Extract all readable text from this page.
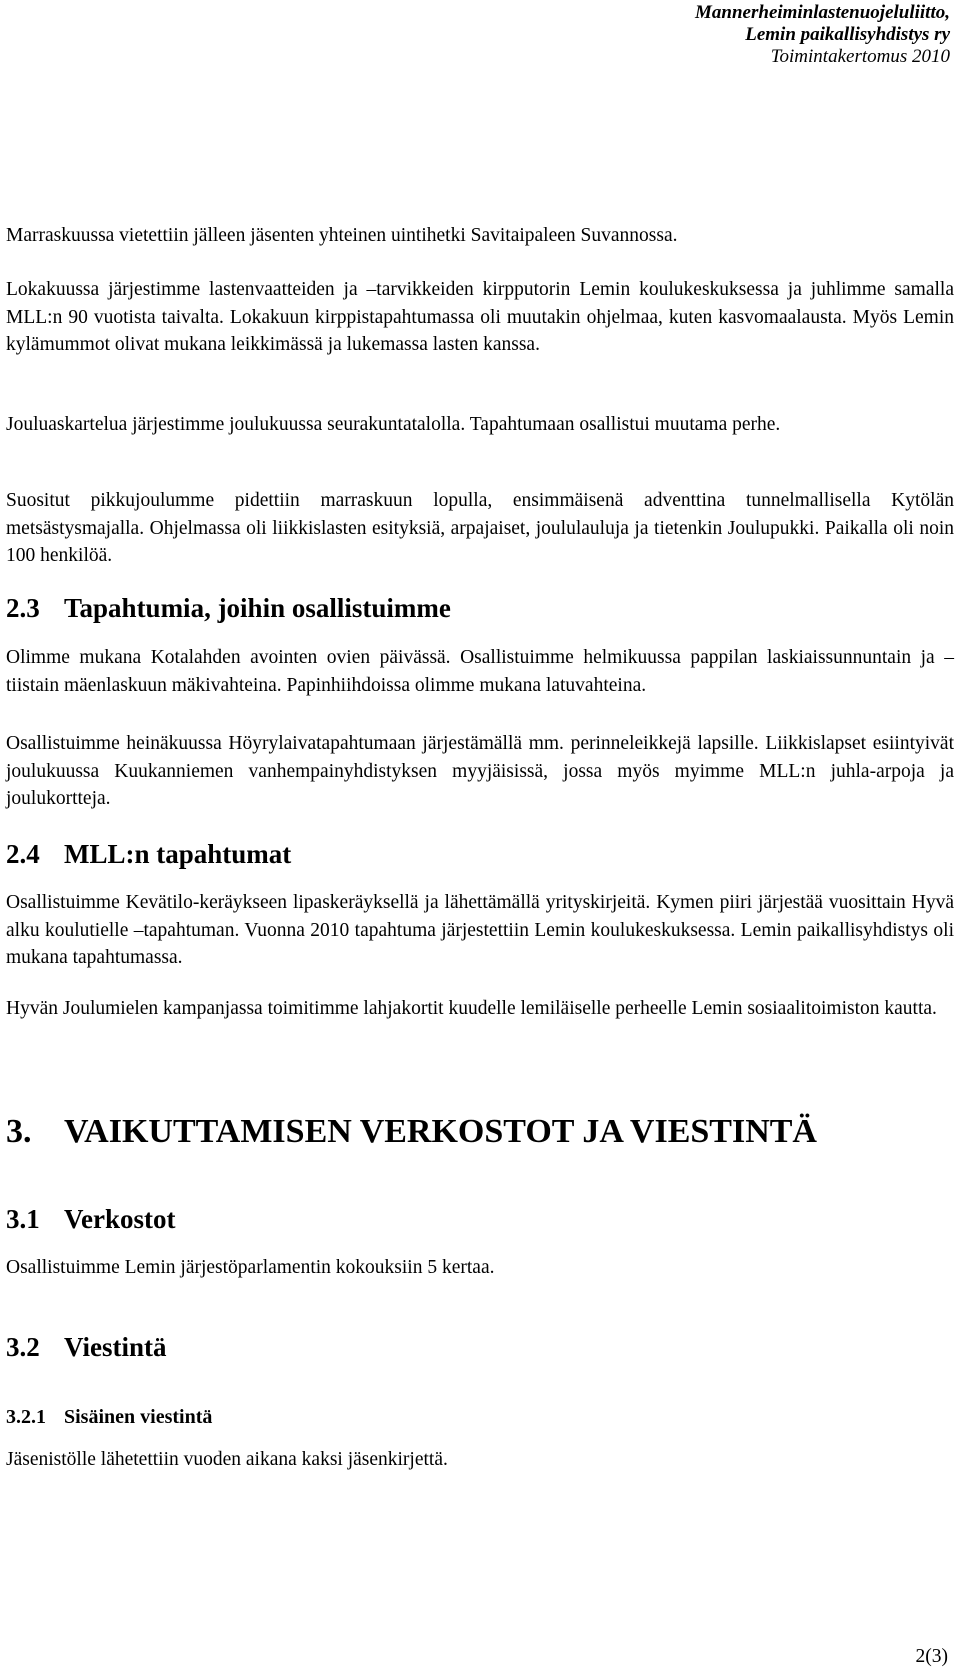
Mannerheiminlastenuojeluliitto,
Lemin paikallisyhdistys ry
Toimintakertomus 2010

Marraskuussa vietettiin jälleen jäsenten yhteinen uintihetki Savitaipaleen Suvannossa.

Lokakuussa järjestimme lastenvaatteiden ja –tarvikkeiden kirpputorin Lemin koulukeskuksessa ja juhlimme samalla MLL:n 90 vuotista taivalta. Lokakuun kirppistapahtumassa oli muutakin ohjelmaa, kuten kasvomaalausta. Myös Lemin kylämummot olivat mukana leikkimässä ja lukemassa lasten kanssa.

Jouluaskartelua järjestimme joulukuussa seurakuntatalolla. Tapahtumaan osallistui muutama perhe.

Suositut pikkujoulumme pidettiin marraskuun lopulla, ensimmäisenä adventtina tunnelmallisella Kytölän metsästysmajalla. Ohjelmassa oli liikkislasten esityksiä, arpajaiset, joululauluja ja tietenkin Joulupukki. Paikalla oli noin 100 henkilöä.

2.3 Tapahtumia, joihin osallistuimme

Olimme mukana Kotalahden avointen ovien päivässä. Osallistuimme helmikuussa pappilan laskiaissunnuntain ja –tiistain mäenlaskuun mäkivahteina. Papinhiihdoissa olimme mukana latuvahteina.

Osallistuimme heinäkuussa Höyrylaivatapahtumaan järjestämällä mm. perinneleikkejä lapsille. Liikkislapset esiintyivät joulukuussa Kuukanniemen vanhempainyhdistyksen myyjäisissä, jossa myös myimme MLL:n juhla-arpoja ja joulukortteja.

2.4 MLL:n tapahtumat

Osallistuimme Kevätilo-keräykseen lipaskeräyksellä ja lähettämällä yrityskirjeitä. Kymen piiri järjestää vuosittain Hyvä alku koulutielle –tapahtuman. Vuonna 2010 tapahtuma järjestettiin Lemin koulukeskuksessa. Lemin paikallisyhdistys oli mukana tapahtumassa.

Hyvän Joulumielen kampanjassa toimitimme lahjakortit kuudelle lemiläiselle perheelle Lemin sosiaalitoimiston kautta.

3. VAIKUTTAMISEN VERKOSTOT JA VIESTINTÄ
3.1 Verkostot

Osallistuimme Lemin järjestöparlamentin kokouksiin 5 kertaa.

3.2 Viestintä
3.2.1 Sisäinen viestintä

Jäsenistölle lähetettiin vuoden aikana kaksi jäsenkirjettä.

2(3)
